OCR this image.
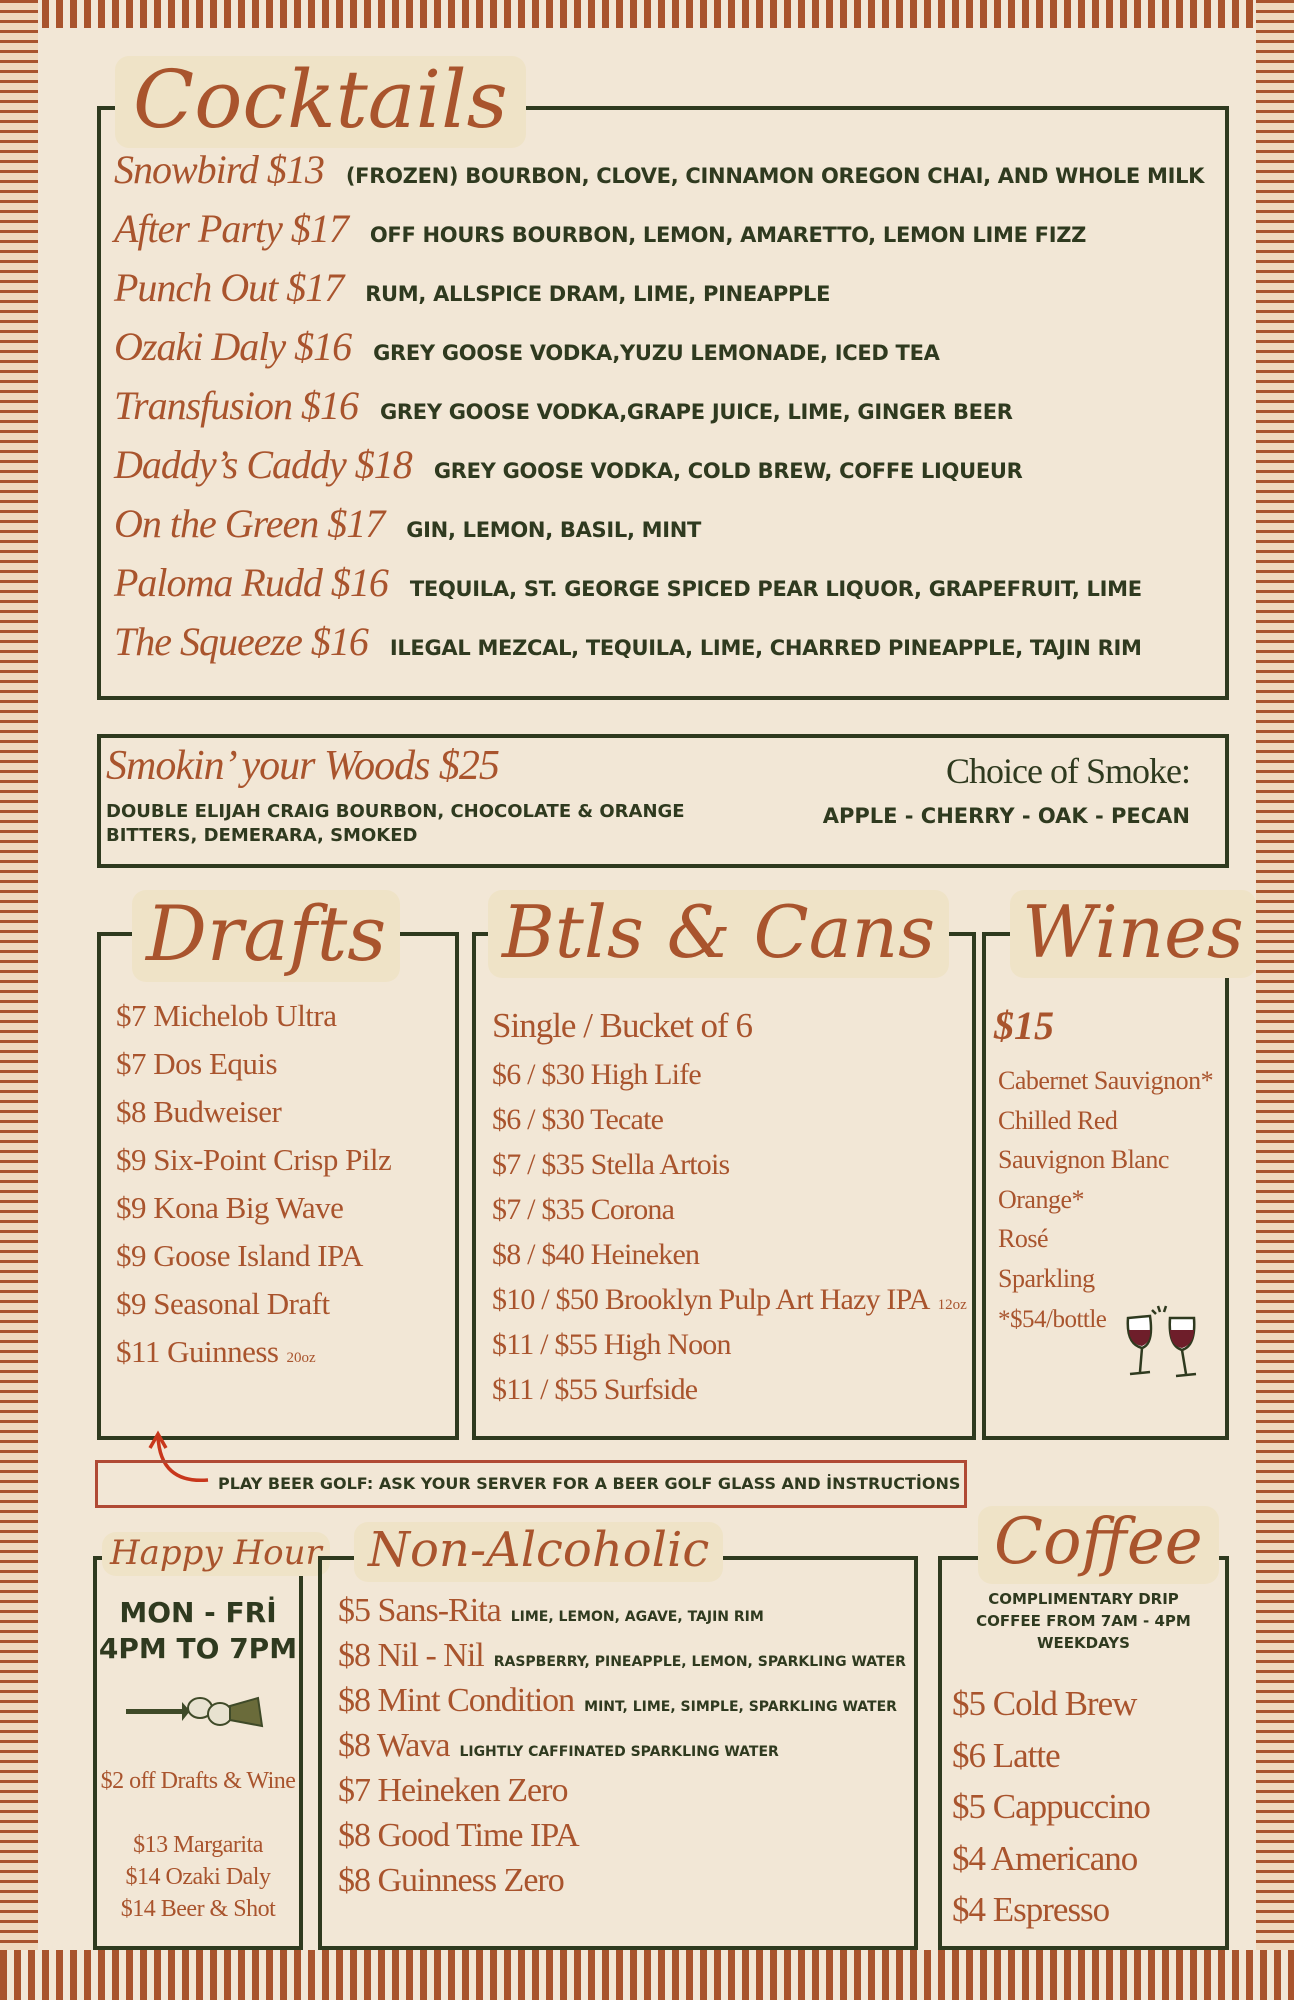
Cocktails
Snowbird $13 (FROZEN) BOURBON, CLOVE, CINNAMON OREGON CHAI, AND WHOLE MILK
After Party $17 OFF HOURS BOURBON, LEMON, AMARETTO, LEMON LIME FIZZ
Punch Out $17 RUM, ALLSPICE DRAM, LIME, PINEAPPLE
Ozaki Daly $16 GREY GOOSE VODKA,YUZU LEMONADE, ICED TEA
Transfusion $16 GREY GOOSE VODKA,GRAPE JUICE, LIME, GINGER BEER
Daddy’s Caddy $18 GREY GOOSE VODKA, COLD BREW, COFFE LIQUEUR
On the Green $17 GIN, LEMON, BASIL, MINT
Paloma Rudd $16 TEQUILA, ST. GEORGE SPICED PEAR LIQUOR, GRAPEFRUIT, LIME
The Squeeze $16 ILEGAL MEZCAL, TEQUILA, LIME, CHARRED PINEAPPLE, TAJIN RIM
Smokin’ your Woods $25
DOUBLE ELIJAH CRAIG BOURBON, CHOCOLATE & ORANGE
BITTERS, DEMERARA, SMOKED
Choice of Smoke:
APPLE - CHERRY - OAK - PECAN
Drafts
$7 Michelob Ultra
$7 Dos Equis
$8 Budweiser
$9 Six-Point Crisp Pilz
$9 Kona Big Wave
$9 Goose Island IPA
$9 Seasonal Draft
$11 Guinness 20oz
Btls & Cans
Single / Bucket of 6
$6 / $30 High Life
$6 / $30 Tecate
$7 / $35 Stella Artois
$7 / $35 Corona
$8 / $40 Heineken
$10 / $50 Brooklyn Pulp Art Hazy IPA 12oz
$11 / $55 High Noon
$11 / $55 Surfside
Wines
$15
Cabernet Sauvignon*
Chilled Red
Sauvignon Blanc
Orange*
Rosé
Sparkling
*$54/bottle
PLAY BEER GOLF: ASK YOUR SERVER FOR A BEER GOLF GLASS AND İNSTRUCTİONS
Happy Hour
MON - FRİ
4PM TO 7PM
$2 off Drafts & Wine
$13 Margarita
$14 Ozaki Daly
$14 Beer & Shot
Non-Alcoholic
$5 Sans-Rita LIME, LEMON, AGAVE, TAJIN RIM
$8 Nil - Nil RASPBERRY, PINEAPPLE, LEMON, SPARKLING WATER
$8 Mint Condition MINT, LIME, SIMPLE, SPARKLING WATER
$8 Wava LIGHTLY CAFFINATED SPARKLING WATER
$7 Heineken Zero
$8 Good Time IPA
$8 Guinness Zero
Coffee
COMPLIMENTARY DRIP
COFFEE FROM 7AM - 4PM
WEEKDAYS
$5 Cold Brew
$6 Latte
$5 Cappuccino
$4 Americano
$4 Espresso
